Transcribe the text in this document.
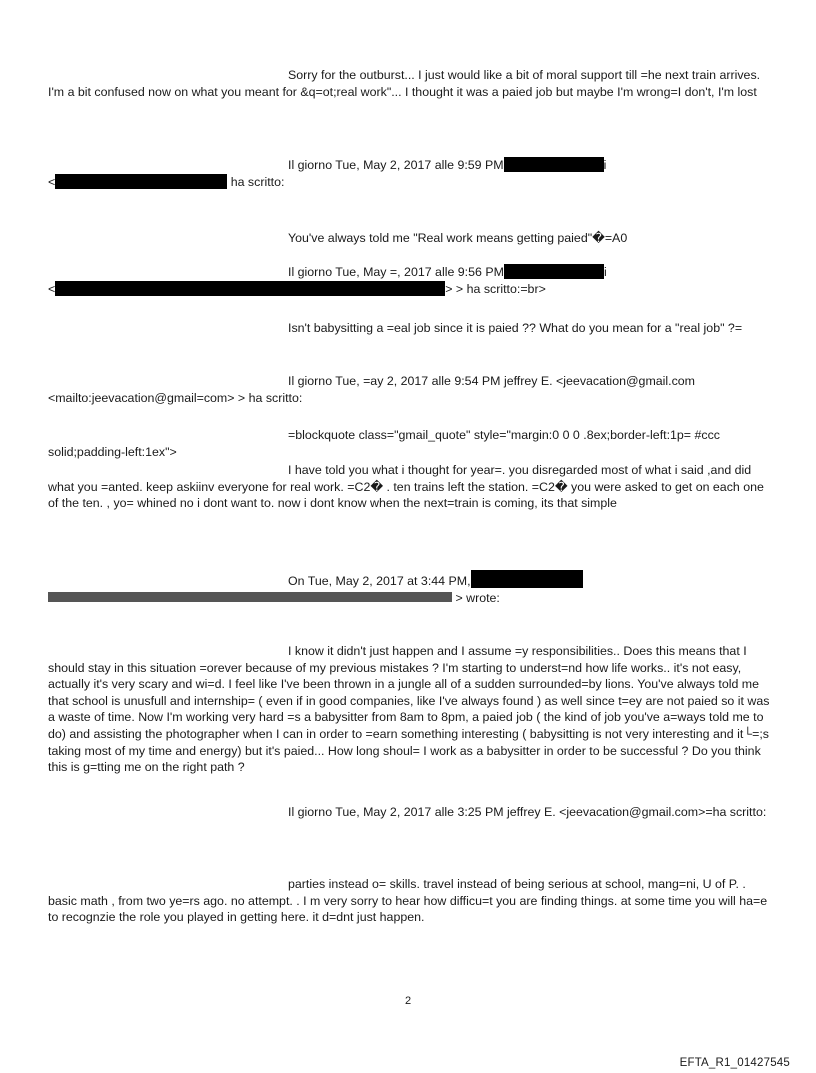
Sorry for the outburst... I just would like a bit of moral support till =he next train arrives. I'm a bit confused now on what you meant for &q=ot;real work"... I thought it was a paied job but maybe I'm wrong=I don't, I'm lost

Il giorno Tue, May 2, 2017 alle 9:59 PM	i
<	ha scritto:

You've always told me "Real work means getting paied"�=A0

Il giorno Tue, May =, 2017 alle 9:56 PM	i
<	> > ha scritto:=br>

Isn't babysitting a =eal job since it is paied ?? What do you mean for a "real job" ?=

Il giorno Tue, =ay 2, 2017 alle 9:54 PM jeffrey E. <jeevacation@gmail.com <mailto:jeevacation@gmail=com> > ha scritto:

=blockquote class="gmail_quote" style="margin:0 0 0 .8ex;border-left:1p= #ccc solid;padding-left:1ex">

I have told you what i thought for year=. you disregarded most of what i said ,and did what you =anted. keep askiinv everyone for real work. =C2� . ten trains left the station. =C2� you were asked to get on each one of the ten. , yo= whined no i dont want to. now i dont know when the next=train is coming, its that simple

On Tue, May 2, 2017 at 3:44 PM,
> wrote:

I know it didn't just happen and I assume =y responsibilities.. Does this means that I should stay in this situation =orever because of my previous mistakes ? I'm starting to underst=nd how life works.. it's not easy, actually it's very scary and wi=d. I feel like I've been thrown in a jungle all of a sudden surrounded=by lions. You've always told me that school is unusfull and internship= ( even if in good companies, like I've always found ) as well since t=ey are not paied so it was a waste of time. Now I'm working very hard =s a babysitter from 8am to 8pm, a paied job ( the kind of job you've a=ways told me to do) and assisting the photographer when I can in order to =earn something interesting ( babysitting is not very interesting and it└=;s taking most of my time and energy) but it's paied... How long shoul= I work as a babysitter in order to be successful ? Do you think this is g=tting me on the right path ?

Il giorno Tue, May 2, 2017 alle 3:25 PM jeffrey E. <jeevacation@gmail.com>=ha scritto:

parties instead o= skills. travel instead of being serious at school, mang=ni, U of P. . basic math , from two ye=rs ago. no attempt. . I m very sorry to hear how difficu=t you are finding things. at some time you will ha=e to recognzie the role you played in getting here. it d=dnt just happen.

2
EFTA_R1_01427545
